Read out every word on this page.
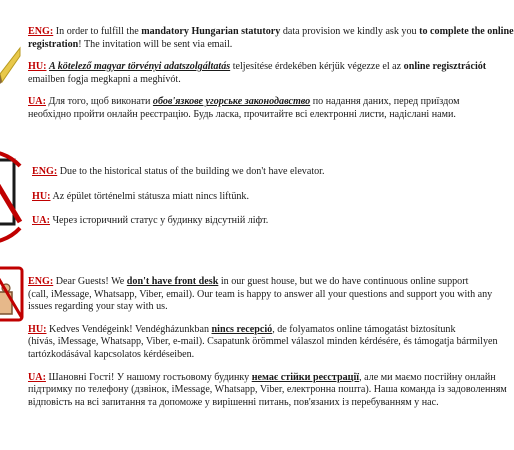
ENG: In order to fulfill the mandatory Hungarian statutory data provision we kindly ask you to complete the online

registration! The invitation will be sent via email.

HU: A kötelező magyar törvényi adatszolgáltatás teljesítése érdekében kérjük végezze el az online regisztrációt

emailben fogja megkapni a meghívót.

UA: Для того, щоб виконати обов'язкове угорське законодавство по надання даних, перед приїздом

необхідно пройти онлайн реєстрацію. Будь ласка, прочитайте всі електронні листи, надіслані нами.

ENG: Due to the historical status of the building we don't have elevator.

HU: Az épület történelmi státusza miatt nincs liftünk.

UA: Через історичний статус у будинку відсутній ліфт.

ENG: Dear Guests! We don't have front desk in our guest house, but we do have continuous online support

(call, iMessage, Whatsapp, Viber, email). Our team is happy to answer all your questions and support you with any

issues regarding your stay with us.

HU: Kedves Vendégeink! Vendégházunkban nincs recepció, de folyamatos online támogatást biztosítunk

(hívás, iMessage, Whatsapp, Viber, e-mail). Csapatunk örömmel válaszol minden kérdésére, és támogatja bármilyen

tartózkodásával kapcsolatos kérdéseiben.

UA: Шановні Гості! У нашому гостьовому будинку немає стійки реєстрації, але ми маємо постійну онлайн

підтримку по телефону (дзвінок, iMessage, Whatsapp, Viber, електронна пошта). Наша команда із задоволенням

відповість на всі запитання та допоможе у вирішенні питань, пов'язаних із перебуванням у нас.
